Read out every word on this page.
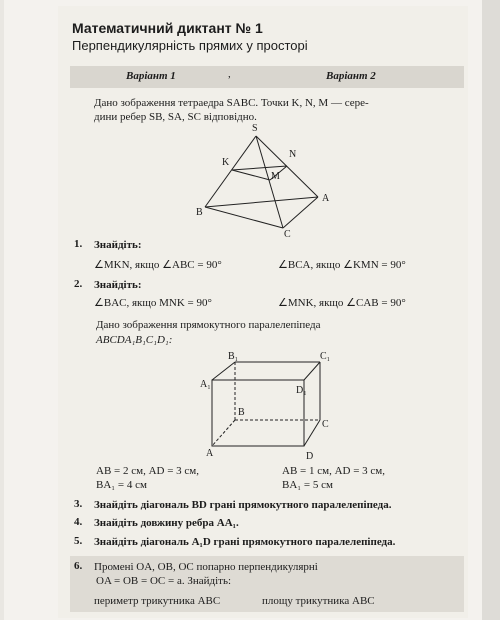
Математичний диктант № 1
Перпендикулярність прямих у просторі
Варіант 1	,	Варіант 2
Дано зображення тетраедра SABC. Точки K, N, M — сере-
дини ребер SB, SA, SC відповідно.
S
K
N
M
A
B
C
1. Знайдіть:
∠MKN, якщо ∠ABC = 90°	∠BCA, якщо ∠KMN = 90°
2. Знайдіть:
∠BAC, якщо MNK = 90°	∠MNK, якщо ∠CAB = 90°
Дано зображення прямокутного паралелепіпеда
ABCDA₁B₁C₁D₁:
B₁	C₁
A₁
D₁
B
C
A	D
AB = 2 см, AD = 3 см,
BA₁ = 4 см
AB = 1 см, AD = 3 см,
BA₁ = 5 см
3. Знайдіть діагональ BD грані прямокутного паралелепіпеда.
4. Знайдіть довжину ребра AA₁.
5. Знайдіть діагональ A₁D грані прямокутного паралелепіпеда.
6. Промені OA, OB, OC попарно перпендикулярні
OA = OB = OC = a. Знайдіть:
периметр трикутника ABC	площу трикутника ABC
